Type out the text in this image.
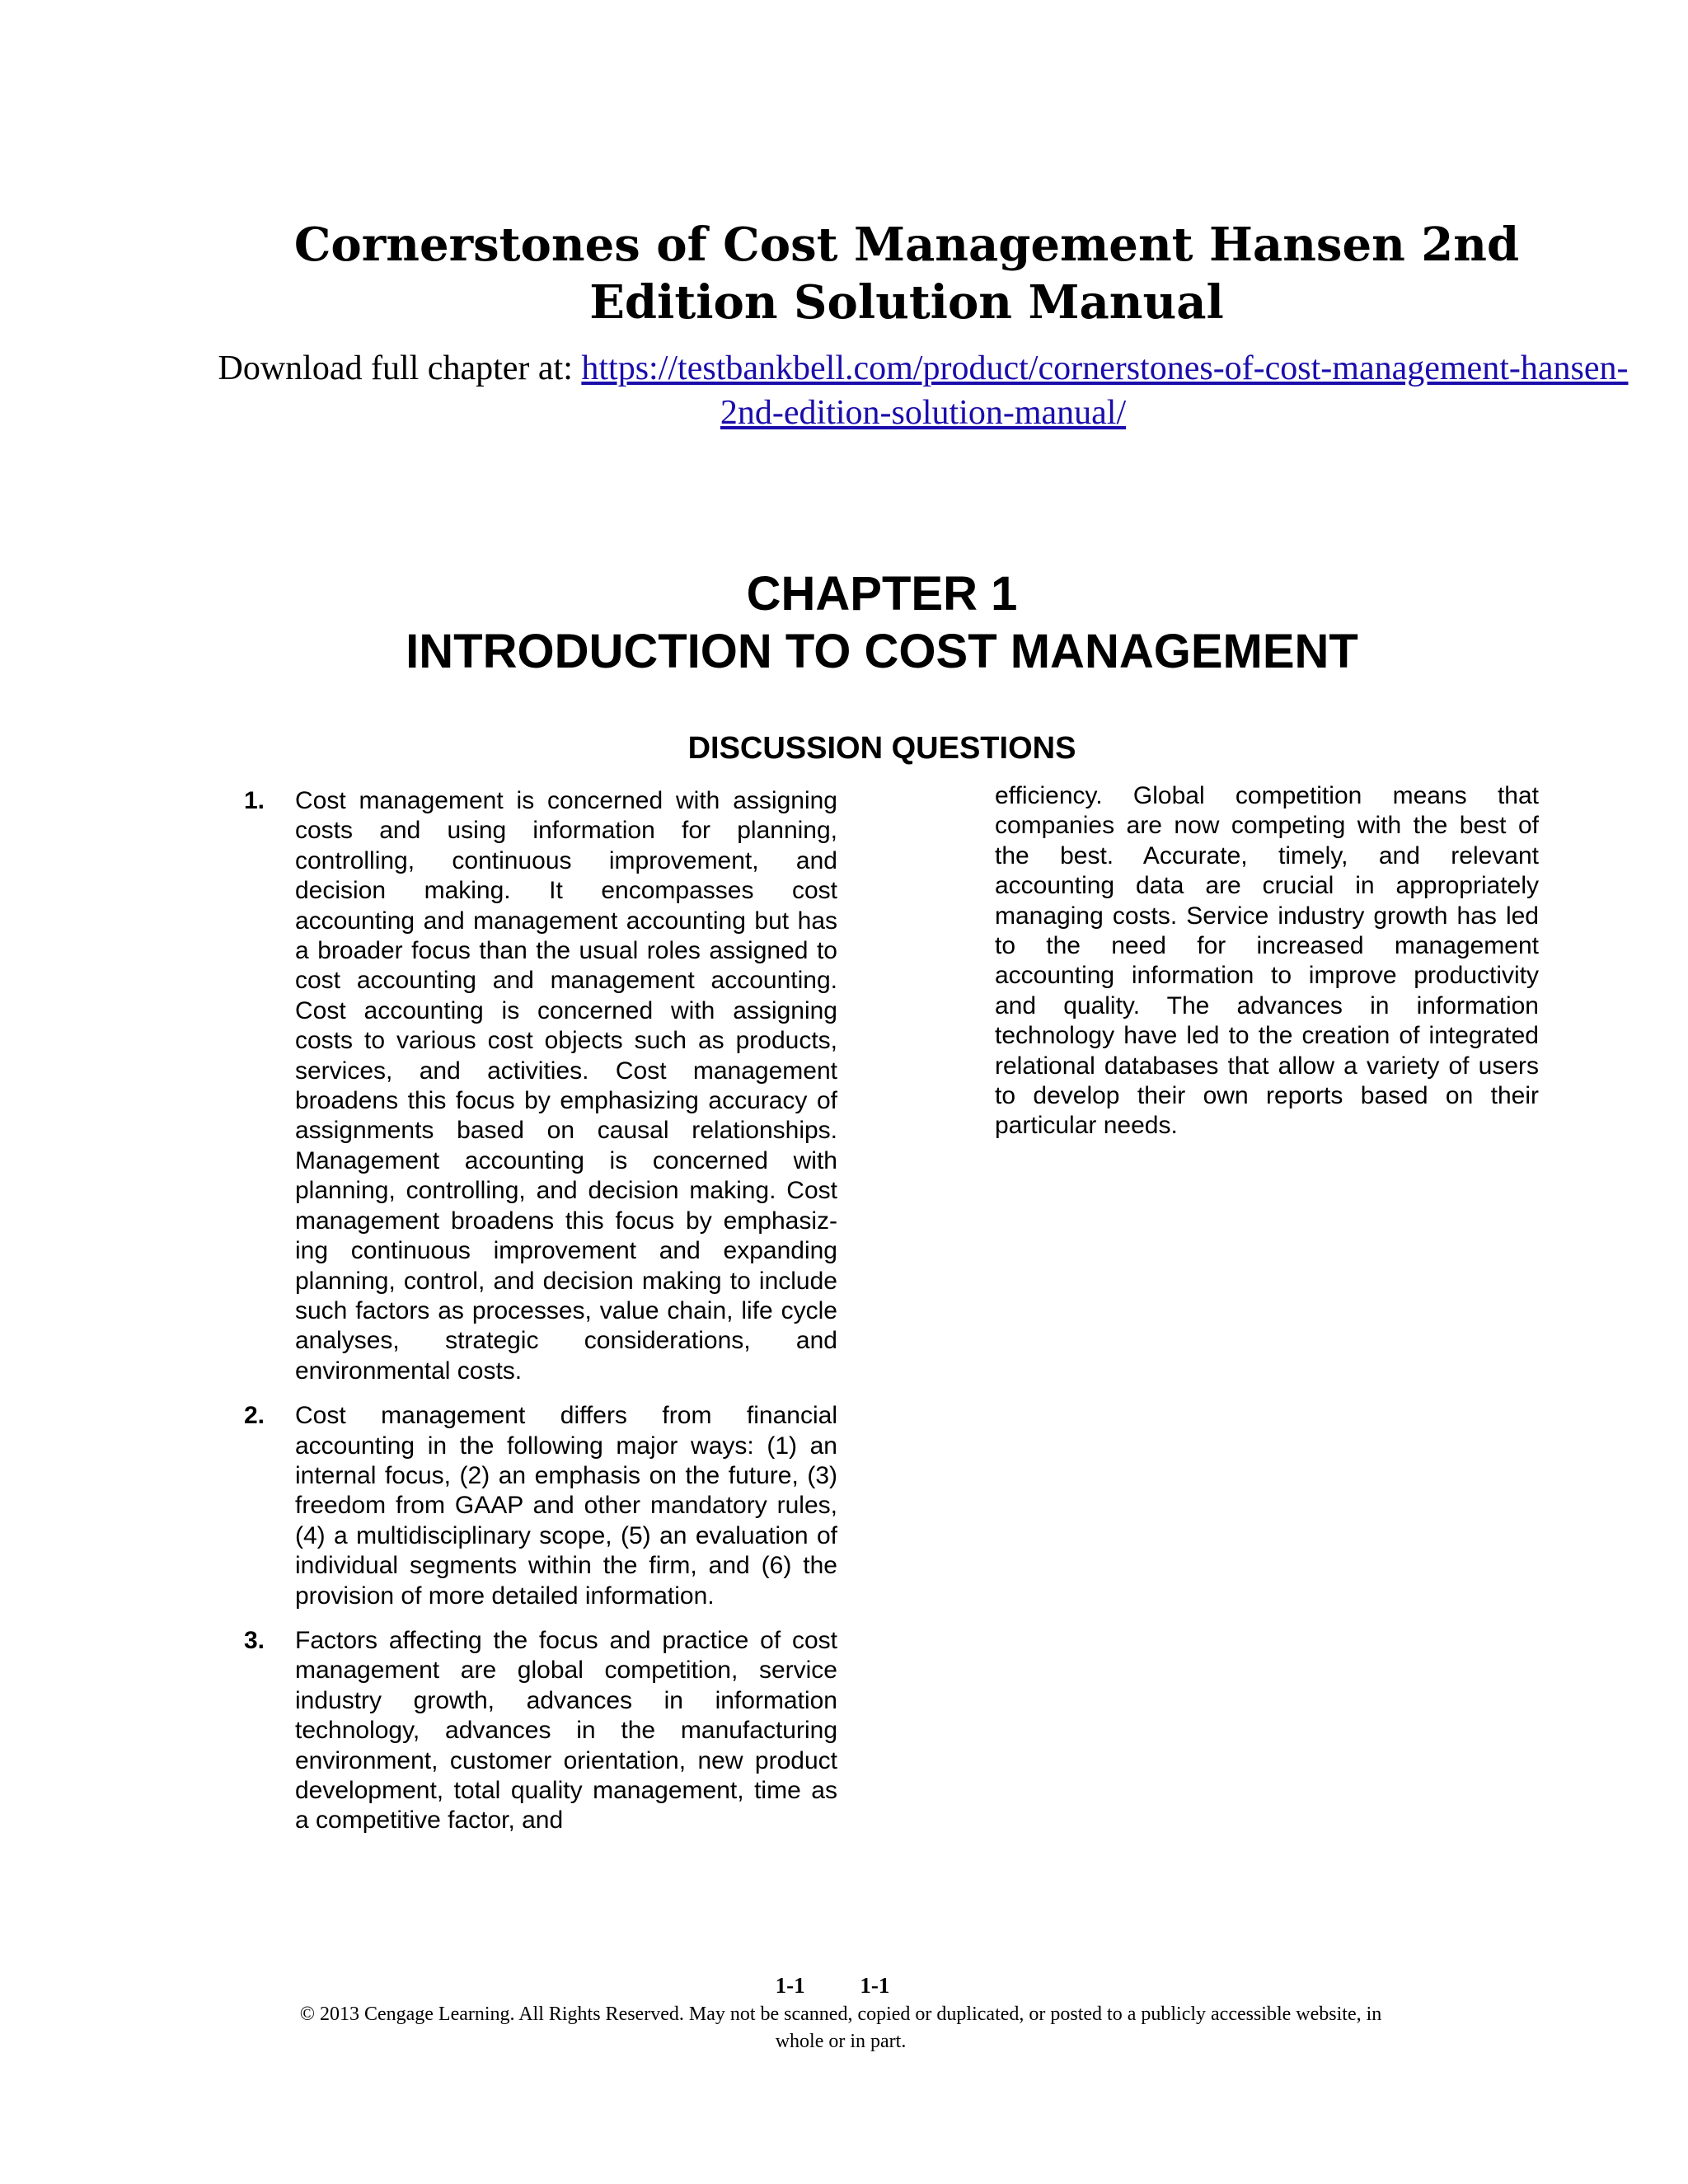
Cornerstones of Cost Management Hansen 2nd Edition Solution Manual
Download full chapter at: https://testbankbell.com/product/cornerstones-of-cost-management-hansen-2nd-edition-solution-manual/
CHAPTER 1
INTRODUCTION TO COST MANAGEMENT
DISCUSSION QUESTIONS
1. Cost management is concerned with assigning costs and using information for planning, controlling, continuous improvement, and decision making. It encompasses cost accounting and management accounting but has a broader focus than the usual roles assigned to cost accounting and management accounting. Cost accounting is concerned with assigning costs to various cost objects such as products, services, and activities. Cost management broadens this focus by emphasizing accuracy of assignments based on causal relationships. Management accounting is concerned with planning, controlling, and decision making. Cost management broadens this focus by emphasizing continuous improvement and expanding planning, control, and decision making to include such factors as processes, value chain, life cycle analyses, strategic considerations, and environmental costs.
2. Cost management differs from financial accounting in the following major ways: (1) an internal focus, (2) an emphasis on the future, (3) freedom from GAAP and other mandatory rules, (4) a multidisciplinary scope, (5) an evaluation of individual segments within the firm, and (6) the provision of more detailed information.
3. Factors affecting the focus and practice of cost management are global competition, service industry growth, advances in information technology, advances in the manufacturing environment, customer orientation, new product development, total quality management, time as a competitive factor, and
efficiency. Global competition means that companies are now competing with the best of the best. Accurate, timely, and relevant accounting data are crucial in appropriately managing costs. Service industry growth has led to the need for increased management accounting information to improve productivity and quality. The advances in information technology have led to the creation of integrated relational databases that allow a variety of users to develop their own reports based on their particular needs.
1-1 1-1
© 2013 Cengage Learning. All Rights Reserved. May not be scanned, copied or duplicated, or posted to a publicly accessible website, in whole or in part.
